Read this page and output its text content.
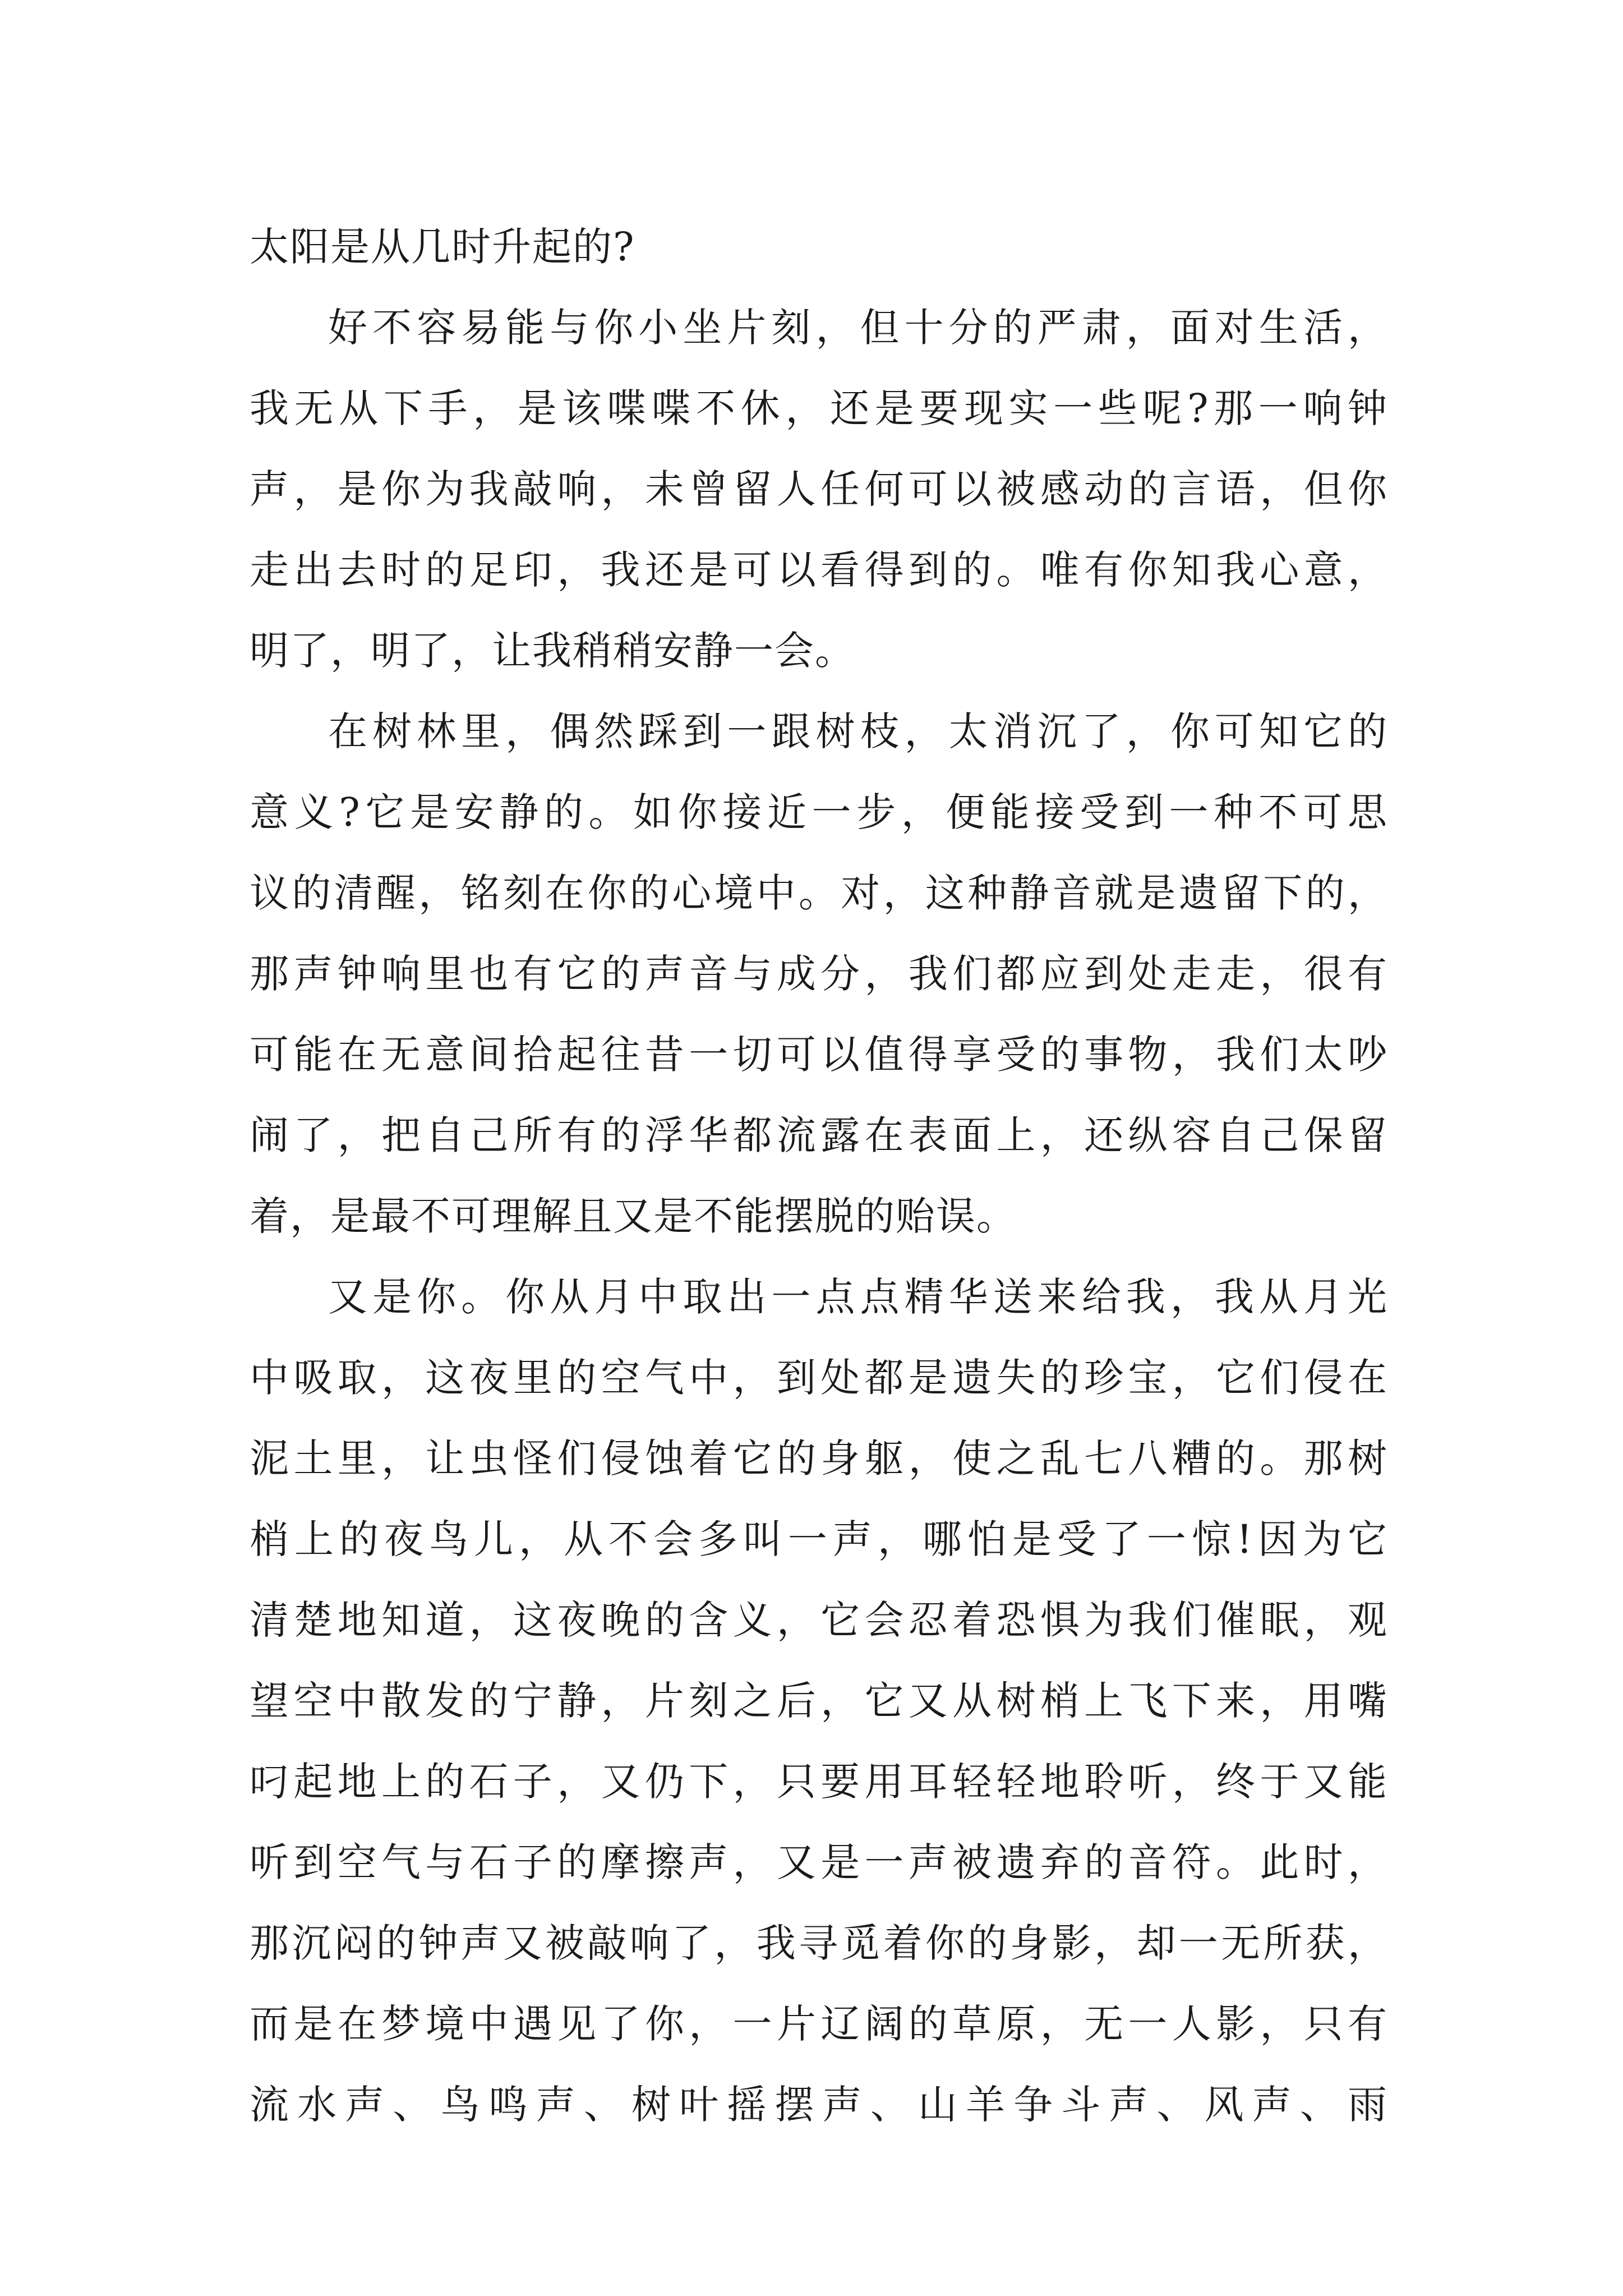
太阳是从几时升起的?
好不容易能与你小坐片刻，但十分的严肃，面对生活，
我无从下手，是该喋喋不休，还是要现实一些呢?那一响钟
声，是你为我敲响，未曾留人任何可以被感动的言语，但你
走出去时的足印，我还是可以看得到的。唯有你知我心意，
明了，明了，让我稍稍安静一会。
在树林里，偶然踩到一跟树枝，太消沉了，你可知它的
意义?它是安静的。如你接近一步，便能接受到一种不可思
议的清醒，铭刻在你的心境中。对，这种静音就是遗留下的，
那声钟响里也有它的声音与成分，我们都应到处走走，很有
可能在无意间拾起往昔一切可以值得享受的事物，我们太吵
闹了，把自己所有的浮华都流露在表面上，还纵容自己保留
着，是最不可理解且又是不能摆脱的贻误。
又是你。你从月中取出一点点精华送来给我，我从月光
中吸取，这夜里的空气中，到处都是遗失的珍宝，它们侵在
泥土里，让虫怪们侵蚀着它的身躯，使之乱七八糟的。那树
梢上的夜鸟儿，从不会多叫一声，哪怕是受了一惊!因为它
清楚地知道，这夜晚的含义，它会忍着恐惧为我们催眠，观
望空中散发的宁静，片刻之后，它又从树梢上飞下来，用嘴
叼起地上的石子，又仍下，只要用耳轻轻地聆听，终于又能
听到空气与石子的摩擦声，又是一声被遗弃的音符。此时，
那沉闷的钟声又被敲响了，我寻觅着你的身影，却一无所获，
而是在梦境中遇见了你，一片辽阔的草原，无一人影，只有
流水声、鸟鸣声、树叶摇摆声、山羊争斗声、风声、雨
